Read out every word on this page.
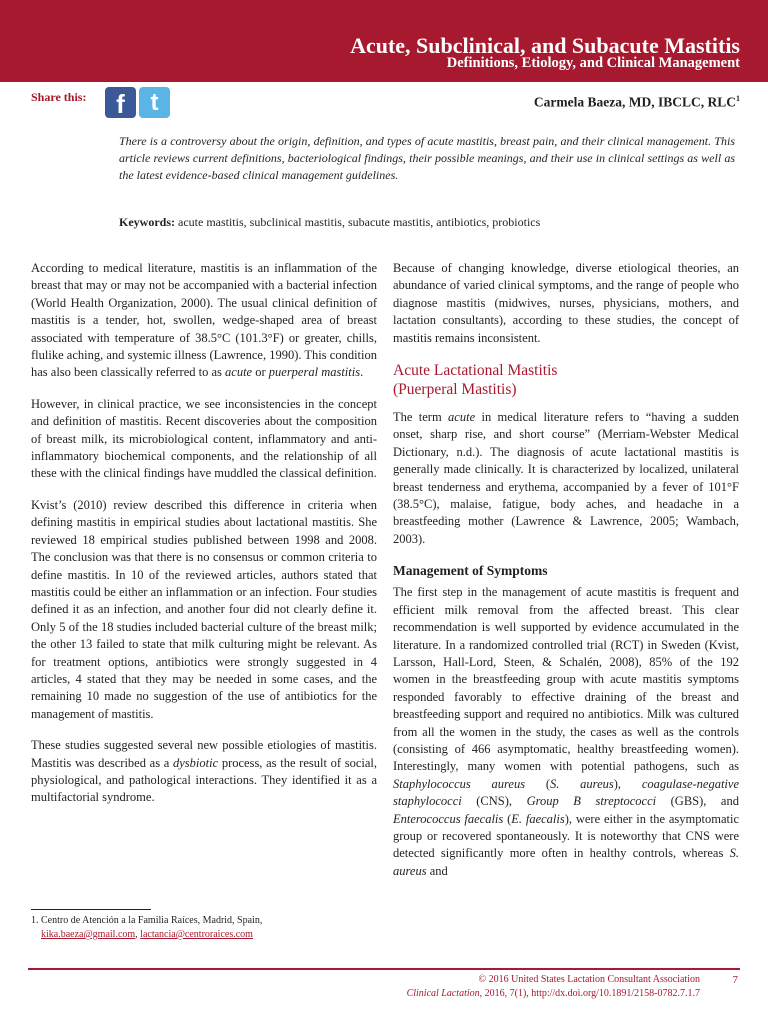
Acute, Subclinical, and Subacute Mastitis
Definitions, Etiology, and Clinical Management
Share this:	f	t	Carmela Baeza, MD, IBCLC, RLC$^1$

There is a controversy about the origin, definition, and types of acute mastitis, breast pain, and their clinical management. This article reviews current definitions, bacteriological findings, their possible meanings, and their use in clinical settings as well as the latest evidence-based clinical management guidelines.

Keywords: acute mastitis, subclinical mastitis, subacute mastitis, antibiotics, probiotics

According to medical literature, mastitis is an inflammation of the breast that may or may not be accompanied with a bacterial infection (World Health Organization, 2000). The usual clinical definition of mastitis is a tender, hot, swollen, wedge-shaped area of breast associated with temperature of 38.5°C (101.3°F) or greater, chills, flulike aching, and systemic illness (Lawrence, 1990). This condition has also been classically referred to as acute or puerperal mastitis.

However, in clinical practice, we see inconsistencies in the concept and definition of mastitis. Recent discoveries about the composition of breast milk, its microbiological content, inflammatory and anti-inflammatory biochemical components, and the relationship of all these with the clinical findings have muddled the classical definition.

Kvist’s (2010) review described this difference in criteria when defining mastitis in empirical studies about lactational mastitis. She reviewed 18 empirical studies published between 1998 and 2008. The conclusion was that there is no consensus or common criteria to define mastitis. In 10 of the reviewed articles, authors stated that mastitis could be either an inflammation or an infection. Four studies defined it as an infection, and another four did not clearly define it. Only 5 of the 18 studies included bacterial culture of the breast milk; the other 13 failed to state that milk culturing might be relevant. As for treatment options, antibiotics were strongly suggested in 4 articles, 4 stated that they may be needed in some cases, and the remaining 10 made no suggestion of the use of antibiotics for the management of mastitis.

These studies suggested several new possible etiologies of mastitis. Mastitis was described as a dysbiotic process, as the result of social, physiological, and pathological interactions. They identified it as a multifactorial syndrome.

1. Centro de Atención a la Familia Raíces, Madrid, Spain,
kika.baeza@gmail.com, lactancia@centroraices.com

Because of changing knowledge, diverse etiological theories, an abundance of varied clinical symptoms, and the range of people who diagnose mastitis (midwives, nurses, physicians, mothers, and lactation consultants), according to these studies, the concept of mastitis remains inconsistent.

Acute Lactational Mastitis
(Puerperal Mastitis)

The term acute in medical literature refers to “having a sudden onset, sharp rise, and short course” (Merriam-Webster Medical Dictionary, n.d.). The diagnosis of acute lactational mastitis is generally made clinically. It is characterized by localized, unilateral breast tenderness and erythema, accompanied by a fever of 101°F (38.5°C), malaise, fatigue, body aches, and headache in a breastfeeding mother (Lawrence & Lawrence, 2005; Wambach, 2003).

Management of Symptoms

The first step in the management of acute mastitis is frequent and efficient milk removal from the affected breast. This clear recommendation is well supported by evidence accumulated in the literature. In a randomized controlled trial (RCT) in Sweden (Kvist, Larsson, Hall-Lord, Steen, & Schalén, 2008), 85% of the 192 women in the breastfeeding group with acute mastitis symptoms responded favorably to effective draining of the breast and breastfeeding support and required no antibiotics. Milk was cultured from all the women in the study, the cases as well as the controls (consisting of 466 asymptomatic, healthy breastfeeding women). Interestingly, many women with potential pathogens, such as Staphylococcus aureus (S. aureus), coagulase-negative staphylococci (CNS), Group B streptococci (GBS), and Enterococcus faecalis (E. faecalis), were either in the asymptomatic group or recovered spontaneously. It is noteworthy that CNS were detected significantly more often in healthy controls, whereas S. aureus and

© 2016 United States Lactation Consultant Association
Clinical Lactation, 2016, 7(1), http://dx.doi.org/10.1891/2158-0782.7.1.7
7
